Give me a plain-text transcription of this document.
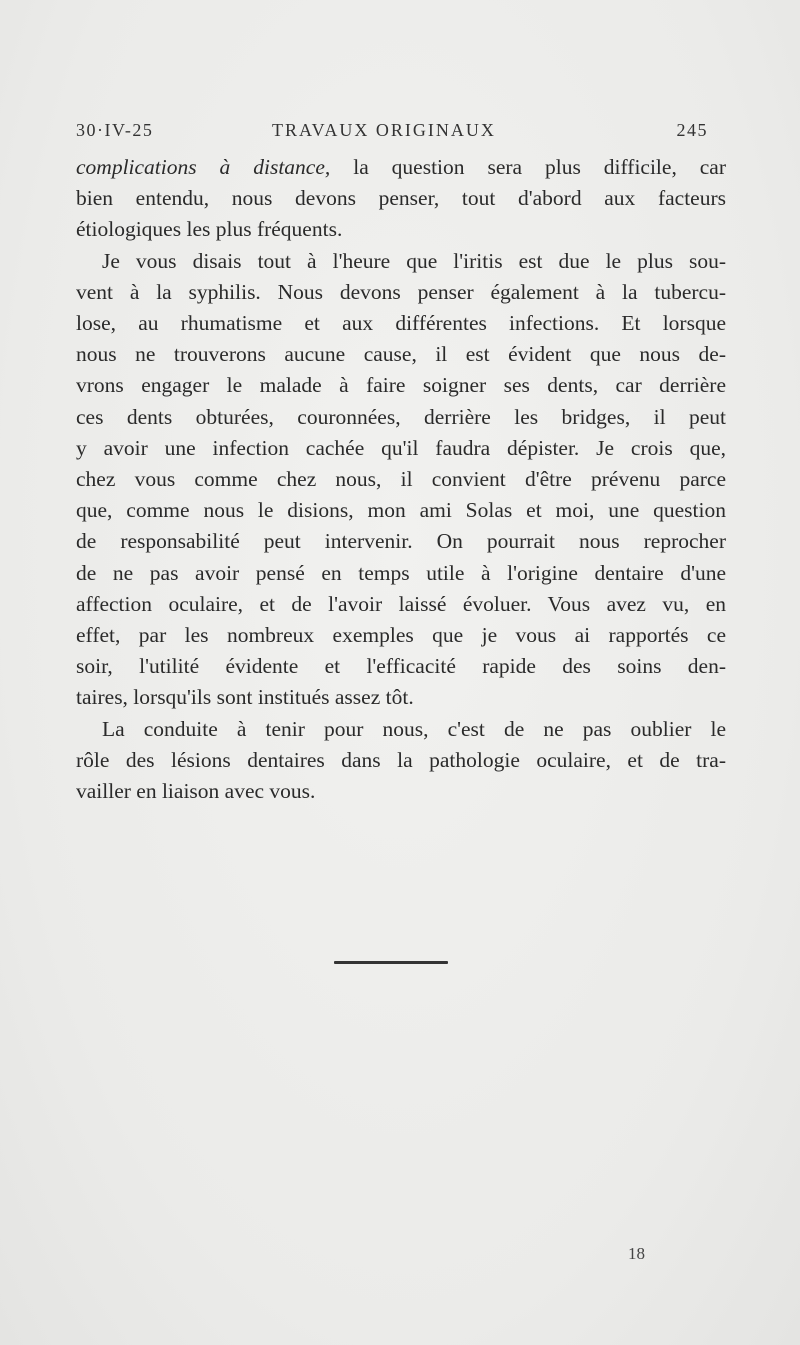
30·IV-25	TRAVAUX ORIGINAUX	245

complications à distance, la question sera plus difficile, car
bien entendu, nous devons penser, tout d'abord aux facteurs
étiologiques les plus fréquents.

Je vous disais tout à l'heure que l'iritis est due le plus sou-
vent à la syphilis. Nous devons penser également à la tubercu-
lose, au rhumatisme et aux différentes infections. Et lorsque
nous ne trouverons aucune cause, il est évident que nous de-
vrons engager le malade à faire soigner ses dents, car derrière
ces dents obturées, couronnées, derrière les bridges, il peut
y avoir une infection cachée qu'il faudra dépister. Je crois que,
chez vous comme chez nous, il convient d'être prévenu parce
que, comme nous le disions, mon ami Solas et moi, une question
de responsabilité peut intervenir. On pourrait nous reprocher
de ne pas avoir pensé en temps utile à l'origine dentaire d'une
affection oculaire, et de l'avoir laissé évoluer. Vous avez vu, en
effet, par les nombreux exemples que je vous ai rapportés ce
soir, l'utilité évidente et l'efficacité rapide des soins den-
taires, lorsqu'ils sont institués assez tôt.

La conduite à tenir pour nous, c'est de ne pas oublier le
rôle des lésions dentaires dans la pathologie oculaire, et de tra-
vailler en liaison avec vous.

18
